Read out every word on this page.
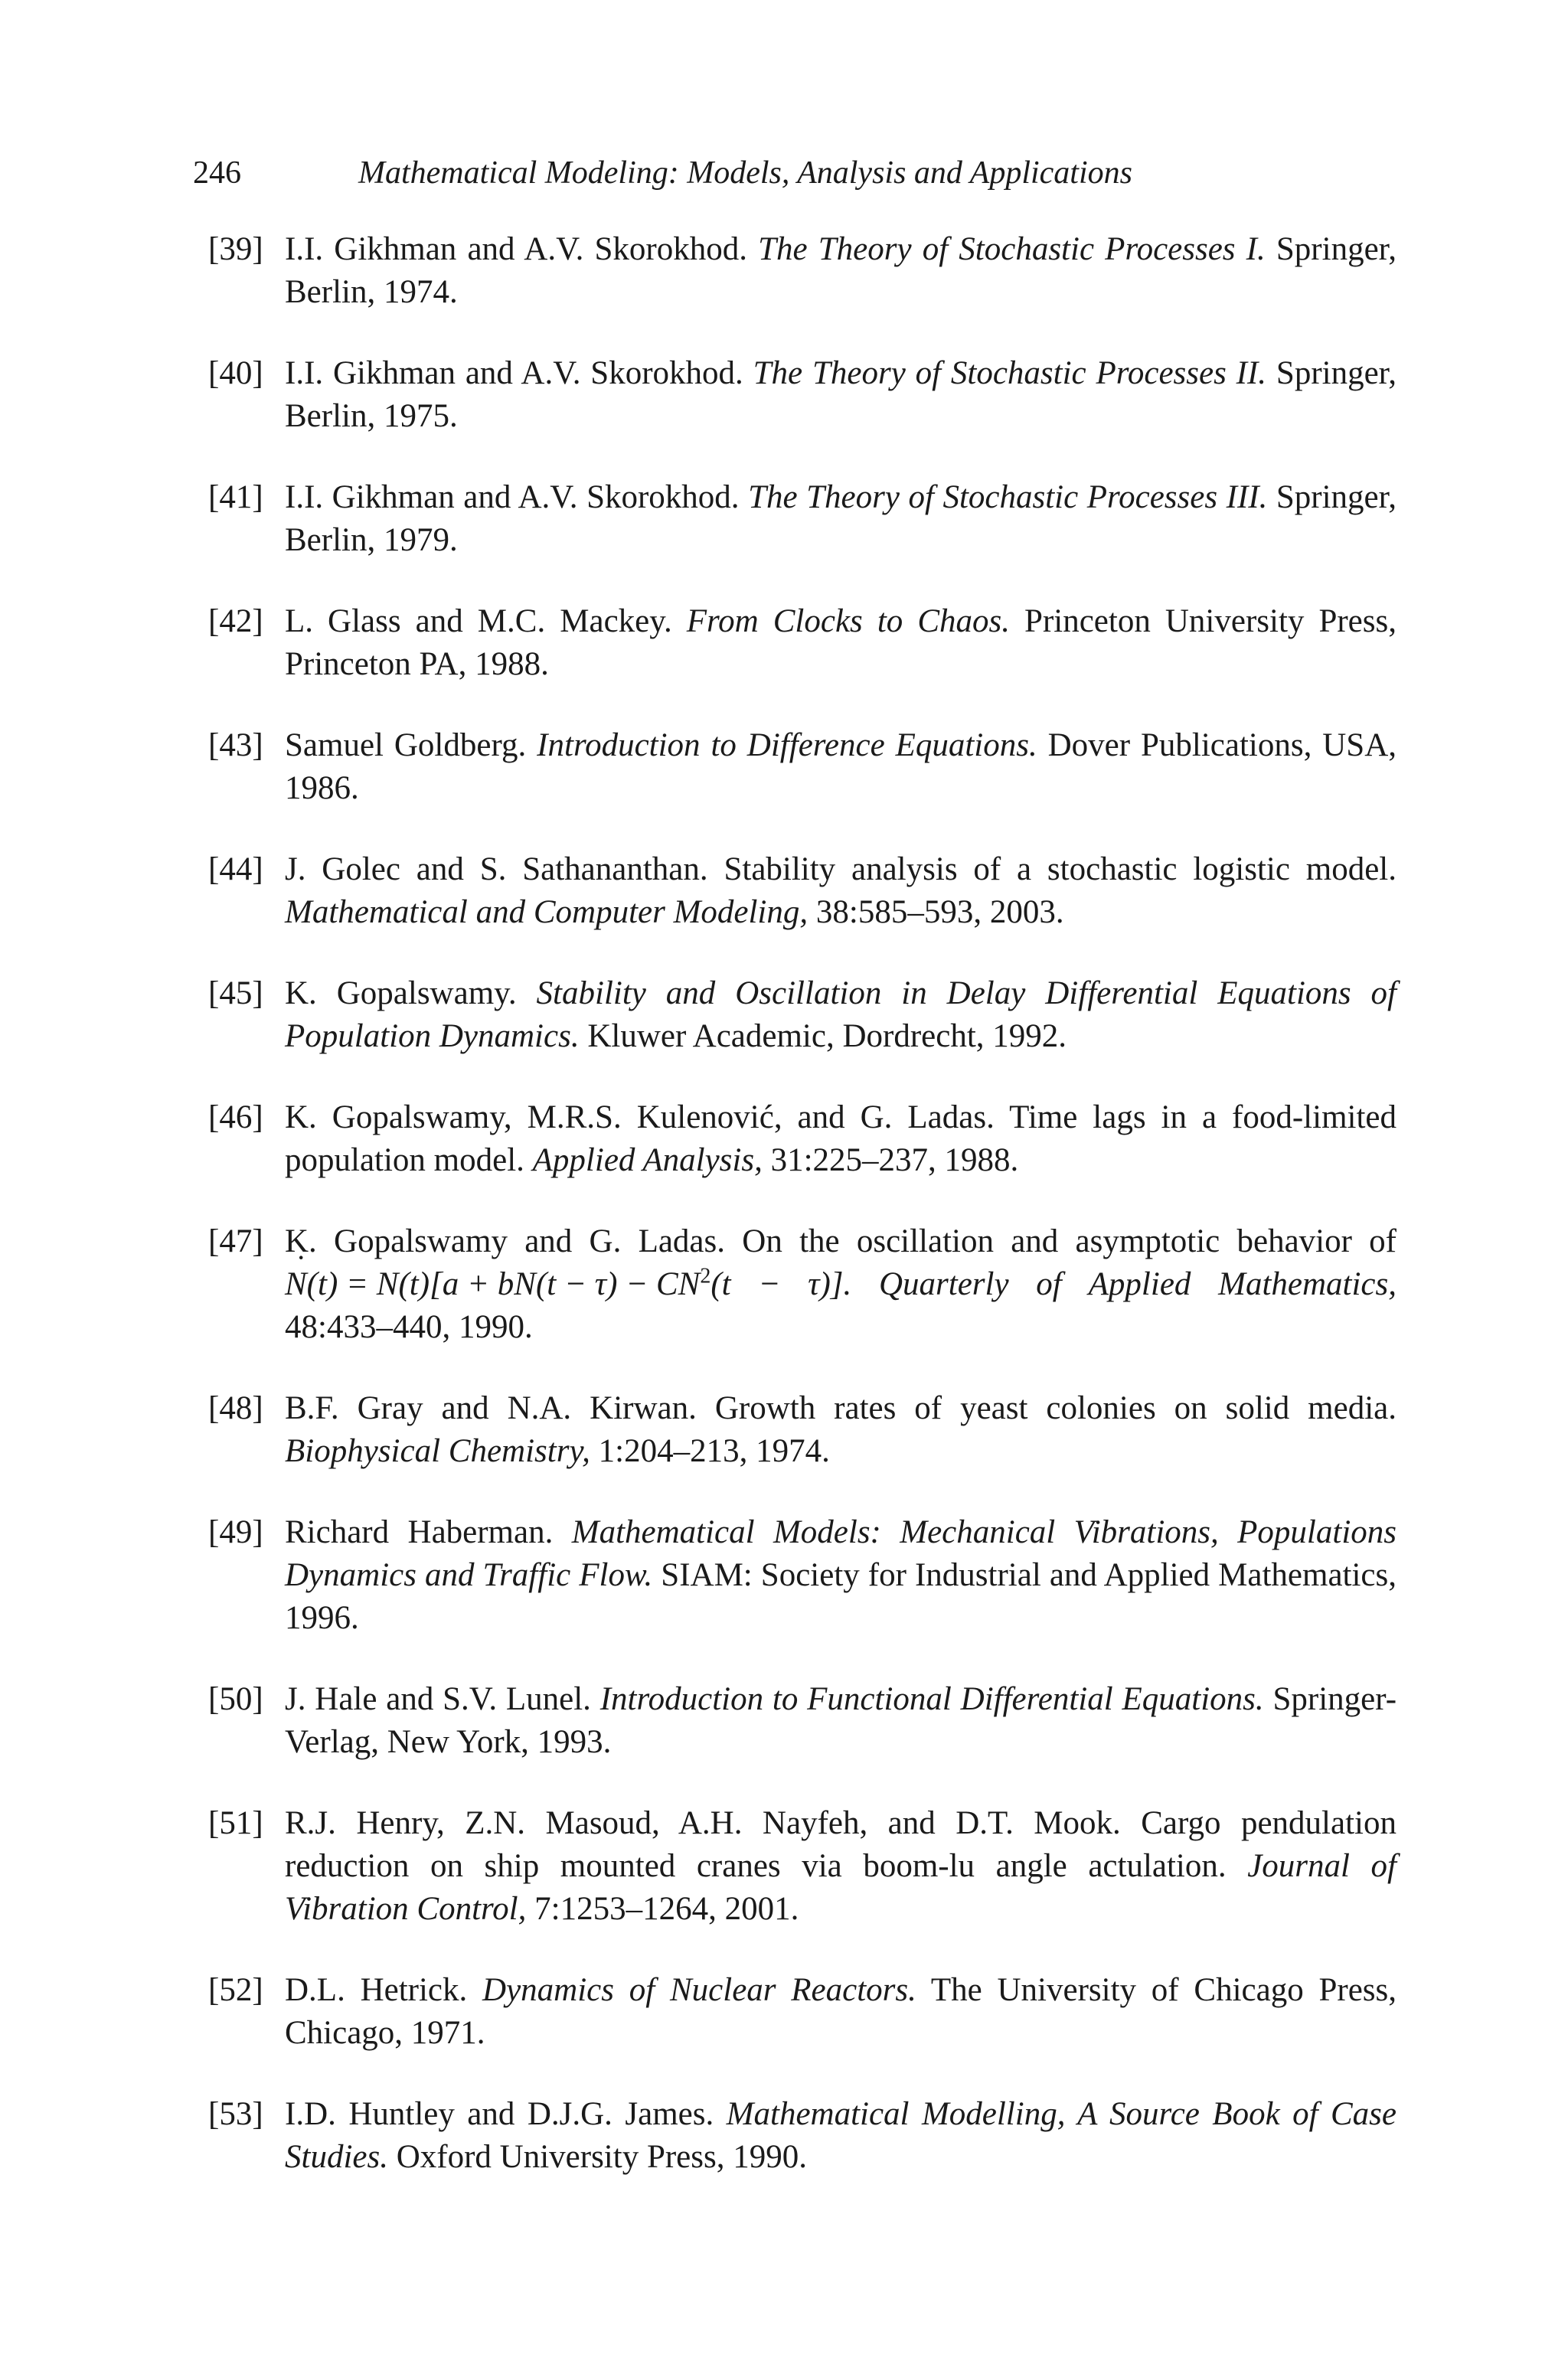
246	Mathematical Modeling: Models, Analysis and Applications
[39] I.I. Gikhman and A.V. Skorokhod. The Theory of Stochastic Processes I. Springer, Berlin, 1974.
[40] I.I. Gikhman and A.V. Skorokhod. The Theory of Stochastic Processes II. Springer, Berlin, 1975.
[41] I.I. Gikhman and A.V. Skorokhod. The Theory of Stochastic Processes III. Springer, Berlin, 1979.
[42] L. Glass and M.C. Mackey. From Clocks to Chaos. Princeton University Press, Princeton PA, 1988.
[43] Samuel Goldberg. Introduction to Difference Equations. Dover Publications, USA, 1986.
[44] J. Golec and S. Sathananthan. Stability analysis of a stochastic logistic model. Mathematical and Computer Modeling, 38:585–593, 2003.
[45] K. Gopalswamy. Stability and Oscillation in Delay Differential Equations of Population Dynamics. Kluwer Academic, Dordrecht, 1992.
[46] K. Gopalswamy, M.R.S. Kulenović, and G. Ladas. Time lags in a food-limited population model. Applied Analysis, 31:225–237, 1988.
[47] K. Gopalswamy and G. Ladas. On the oscillation and asymptotic behavior of ˙ $N(t) = N(t)[a + bN(t - \tau) - CN^2(t - \tau)]$. Quarterly of Applied Mathematics, 48:433–440, 1990.
[48] B.F. Gray and N.A. Kirwan. Growth rates of yeast colonies on solid media. Biophysical Chemistry, 1:204–213, 1974.
[49] Richard Haberman. Mathematical Models: Mechanical Vibrations, Populations Dynamics and Traffic Flow. SIAM: Society for Industrial and Applied Mathematics, 1996.
[50] J. Hale and S.V. Lunel. Introduction to Functional Differential Equations. Springer-Verlag, New York, 1993.
[51] R.J. Henry, Z.N. Masoud, A.H. Nayfeh, and D.T. Mook. Cargo pendulation reduction on ship mounted cranes via boom-lu angle actulation. Journal of Vibration Control, 7:1253–1264, 2001.
[52] D.L. Hetrick. Dynamics of Nuclear Reactors. The University of Chicago Press, Chicago, 1971.
[53] I.D. Huntley and D.J.G. James. Mathematical Modelling, A Source Book of Case Studies. Oxford University Press, 1990.
